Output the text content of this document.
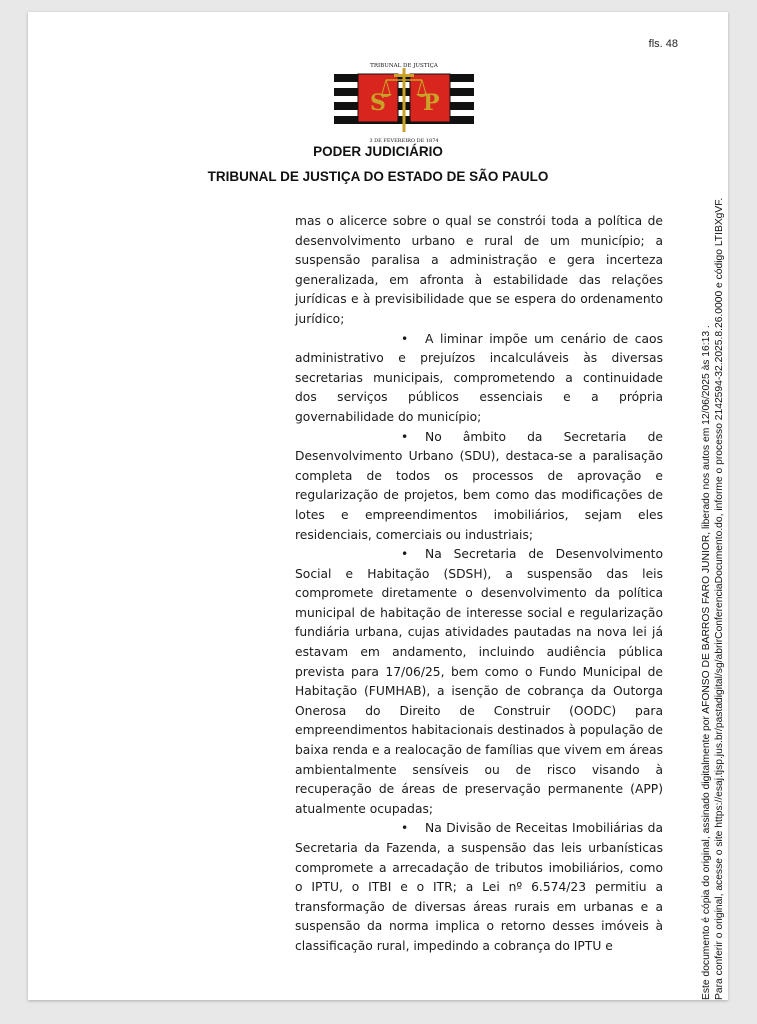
fls. 48
S P
TRIBUNAL DE JUSTIÇA
3 DE FEVEREIRO DE 1874
PODER JUDICIÁRIO
TRIBUNAL DE JUSTIÇA DO ESTADO DE SÃO PAULO

mas o alicerce sobre o qual se constrói toda a política de desenvolvimento urbano e rural de um município; a suspensão paralisa a administração e gera incerteza generalizada, em afronta à estabilidade das relações jurídicas e à previsibilidade que se espera do ordenamento jurídico;

• A liminar impõe um cenário de caos administrativo e prejuízos incalculáveis às diversas secretarias municipais, comprometendo a continuidade dos serviços públicos essenciais e a própria governabilidade do município;

• No âmbito da Secretaria de Desenvolvimento Urbano (SDU), destaca-se a paralisação completa de todos os processos de aprovação e regularização de projetos, bem como das modificações de lotes e empreendimentos imobiliários, sejam eles residenciais, comerciais ou industriais;

• Na Secretaria de Desenvolvimento Social e Habitação (SDSH), a suspensão das leis compromete diretamente o desenvolvimento da política municipal de habitação de interesse social e regularização fundiária urbana, cujas atividades pautadas na nova lei já estavam em andamento, incluindo audiência pública prevista para 17/06/25, bem como o Fundo Municipal de Habitação (FUMHAB), a isenção de cobrança da Outorga Onerosa do Direito de Construir (OODC) para empreendimentos habitacionais destinados à população de baixa renda e a realocação de famílias que vivem em áreas ambientalmente sensíveis ou de risco visando à recuperação de áreas de preservação permanente (APP) atualmente ocupadas;

• Na Divisão de Receitas Imobiliárias da Secretaria da Fazenda, a suspensão das leis urbanísticas compromete a arrecadação de tributos imobiliários, como o IPTU, o ITBI e o ITR; a Lei nº 6.574/23 permitiu a transformação de diversas áreas rurais em urbanas e a suspensão da norma implica o retorno desses imóveis à classificação rural, impedindo a cobrança do IPTU e	Este documento é cópia do original, assinado digitalmente por AFONSO DE BARROS FARO JUNIOR, liberado nos autos em 12/06/2025 às 16:13 . Para conferir o original, acesse o site https://esaj.tjsp.jus.br/pastadigital/sg/abrirConferenciaDocumento.do, informe o processo 2142594-32.2025.8.26.0000 e código LTIBXgVF.
